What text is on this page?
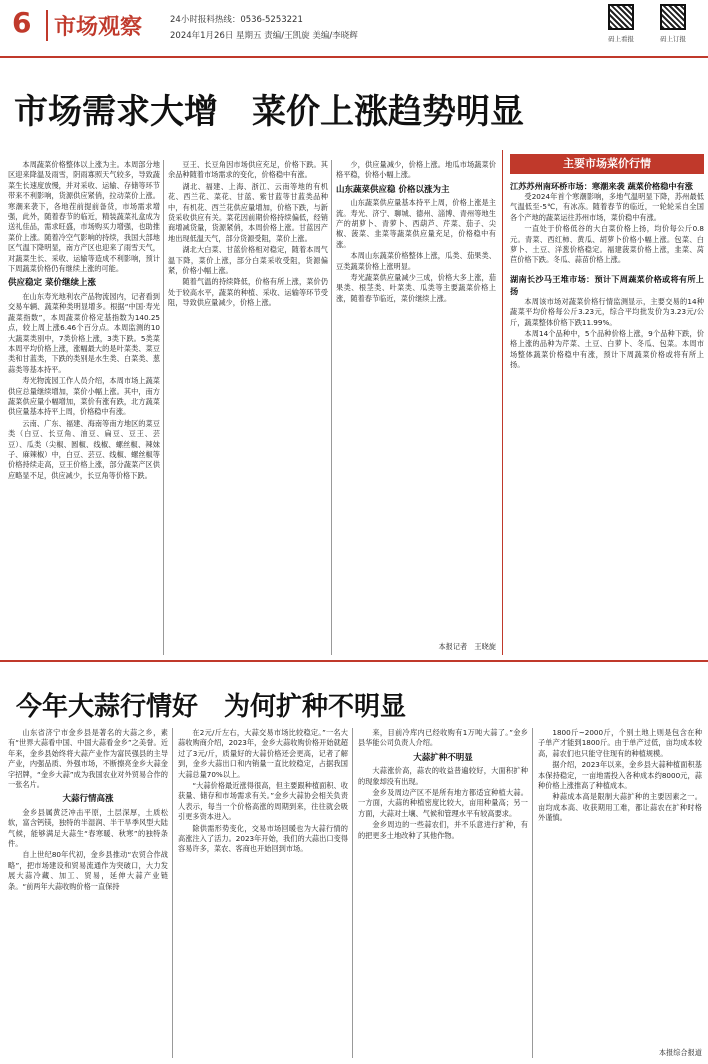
6	市场观察	24小时报料热线：0536-5253221
2024年1月26日 星期五 责编/王凯旋 美编/李晓辉	码上看报	码上订报
市场需求大增　菜价上涨趋势明显

本周蔬菜价格整体以上涨为主。本周部分地区迎来降温及雨雪，阴雨寡照天气较多，导致蔬菜生长速度放慢，并对采收、运输、存储等环节带来不利影响，货源供应紧俏，拉动菜价上涨。寒潮来袭下，各地茬前提前备货，市场需求增强，此外，随着春节的临近，精装蔬菜礼盒成为送礼佳品，需求旺盛，市场购买力增强，也助推菜价上涨。随着冷空气影响的持续，我国大部地区气温下降明显，南方产区也迎来了雨雪天气，对蔬菜生长、采收、运输等造成不利影响，预计下周蔬菜价格仍有继续上涨的可能。

供应稳定 菜价继续上涨

在山东寿光地利农产品物流园内，记者看到交易车辆、蔬菜种类明显增多。根据“中国·寿光蔬菜指数”，本周蔬菜价格定基指数为140.25点，较上周上涨6.46个百分点。本周监测的10大蔬菜类别中，7类价格上涨，3类下跌。5类菜本周平均价格上涨，涨幅最大的是叶菜类、菜豆类和甘蓝类，下跌的类别是水生类、白菜类、葱蒜类等基本持平。

寿光物流园工作人员介绍，本周市场上蔬菜供应总量继续增加，菜价小幅上涨。其中，南方蔬菜供应量小幅增加，菜价有涨有跌，北方蔬菜供应量基本持平上周，价格稳中有涨。

云南、广东、福建、海南等南方地区的菜豆类（白豆、长豆角、油豆、扁豆、豆王、芸豆）、瓜类（尖椒、圆椒、线椒、螺丝椒、辣妹子、麻辣椒）中，白豆、芸豆、线椒、螺丝椒等价格持续走高，豆王价格上涨，部分蔬菜产区供应略显不足，供应减少，长豆角等价格下跌。

豆王、长豆角因市场供应充足，价格下跌。其余品种随着市场需求的变化，价格稳中有涨。

湖北、福建、上海、浙江、云南等地的有机花、西兰花、菜花、甘蓝、紫甘蓝等甘蓝类品种中，有机花、西兰花供应量增加，价格下跌，与新货采收供应有关。菜花因前期价格持续偏低，经销商增减货量，货源紧俏，本周价格上涨。甘蓝因产地出现低温天气，部分货源受阻，菜价上涨。

湖北大白菜、甘蓝价格相对稳定，随着本周气温下降，菜价上涨，部分白菜采收受阻，货源偏紧，价格小幅上涨。

随着气温的持续降低，价格有所上涨，菜价仍处于较高水平，蔬菜的种植、采收、运输等环节受阻，导致供应量减少，价格上涨。

少，供应量减少，价格上涨。地瓜市场蔬菜价格平稳，价格小幅上涨。

山东蔬菜供应稳 价格以涨为主

山东蔬菜供应量基本持平上周，价格上涨是主流。寿光、济宁、聊城、德州、淄博、青州等地生产的胡萝卜、青萝卜、西葫芦、芹菜、茄子、尖椒、菠菜、韭菜等蔬菜供应量充足，价格稳中有涨。

本周山东蔬菜价格整体上涨，瓜类、茄果类、豆类蔬菜价格上涨明显。

寿光蔬菜供应量减少三成，价格大多上涨，茄果类、根茎类、叶菜类、瓜类等主要蔬菜价格上涨，随着春节临近，菜价继续上涨。

本报记者　王晓旋
主要市场菜价行情
江苏苏州南环桥市场：寒潮来袭 蔬菜价格稳中有涨

受2024年首个寒潮影响，多地气温明显下降，苏州最低气温低至-5℃，有冰冻。随着春节的临近，一轮轮采自全国各个产地的蔬菜运往苏州市场，菜价稳中有涨。

一直处于价格低谷的大白菜价格上扬，均价每公斤0.8元。青菜、西红柿、黄瓜、胡萝卜价格小幅上涨。包菜、白萝卜、土豆、洋葱价格稳定。福建菠菜价格上涨，韭菜、莴苣价格下跌。冬瓜、蒜苗价格上涨。

湖南长沙马王堆市场：预计下周蔬菜价格或将有所上扬

本周该市场对蔬菜价格行情监测显示，主要交易的14种蔬菜平均价格每公斤3.23元，综合平均批发价为3.23元/公斤，蔬菜整体价格下跌11.99%。

本周14个品种中，5个品种价格上涨，9个品种下跌，价格上涨的品种为芹菜、土豆、白萝卜、冬瓜、包菜。本周市场整体蔬菜价格稳中有涨，预计下周蔬菜价格或将有所上扬。

今年大蒜行情好　为何扩种不明显

山东省济宁市金乡县是著名的大蒜之乡，素有“世界大蒜看中国、中国大蒜看金乡”之美誉。近年来，金乡县始终将大蒜产业作为富民强县的主导产业，内强品质、外强市场，不断擦亮金乡大蒜金字招牌，“金乡大蒜”成为我国农业对外贸易合作的一张名片。

大蒜行情高涨

金乡县属黄泛冲击平原，土层深厚，土质松软，富含钙镁，独特的半湿润、半干旱季风型大陆气候，能够满足大蒜生“春寒暖、秋寒”的独特条件。

自上世纪80年代初，金乡县推动“农贸合作战略”，把市场建设和贸易流通作为突破口，大力发展大蒜冷藏、加工、贸易，延伸大蒜产业链条。“前两年大蒜收购价格一直保持

在2元/斤左右，大蒜交易市场比较稳定。”一名大蒜收购商介绍，2023年，金乡大蒜收购价格开始就超过了3元/斤，质量好的大蒜价格还会更高，记者了解到，金乡大蒜出口和内销量一直比较稳定，占据我国大蒜总量70%以上。

“大蒜价格最近涨得很高，但主要跟种植面积、收获量、储存和市场需求有关。”金乡大蒜协会相关负责人表示，每当一个价格高涨的周期到来，往往就会吸引更多资本进入。

除供需形势变化，交易市场回暖也为大蒜行情的高涨注入了活力。2023年开始，我们的大蒜出口变得容易许多，菜农、客商也开始回到市场。

来，目前冷库内已经收购有1万吨大蒜了。”金乡县华能公司负责人介绍。

大蒜扩种不明显

大蒜涨价高，蒜农的收益普遍较好，大面积扩种的现象却没有出现。

金乡及周边产区不是所有地方都适宜种植大蒜。一方面，大蒜的种植密度比较大，亩用种量高；另一方面，大蒜对土壤、气候和管理水平有较高要求。

金乡周边的一些蒜农们，并不乐意进行扩种，有的把更多土地改种了其他作物。

1800斤~2000斤，个别土地上则是包含在种子单产才能到1800斤。由于单产过低，亩均成本较高，蒜农们也只能守住现有的种植规模。

据介绍，2023年以来，金乡县大蒜种植面积基本保持稳定，一亩地需投入各种成本约8000元，蒜种价格上涨推高了种植成本。

种蒜成本高是限制大蒜扩种的主要因素之一。亩均成本高、收获期用工难，都让蒜农在扩种时格外谨慎。

本报综合报道
